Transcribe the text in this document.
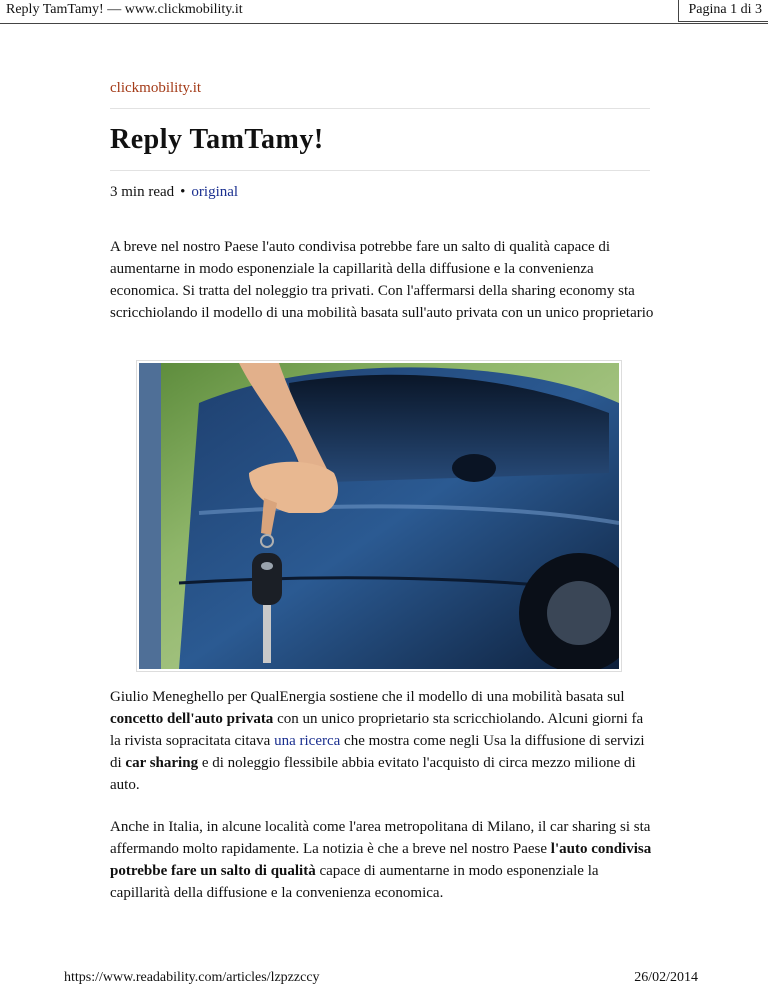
Reply TamTamy! — www.clickmobility.it	Pagina 1 di 3
clickmobility.it
Reply TamTamy!
3 min read • original

A breve nel nostro Paese l'auto condivisa potrebbe fare un salto di qualità capace di aumentarne in modo esponenziale la capillarità della diffusione e la convenienza economica. Si tratta del noleggio tra privati. Con l'affermarsi della sharing economy sta scricchiolando il modello di una mobilità basata sull'auto privata con un unico proprietario

Giulio Meneghello per QualEnergia sostiene che il modello di una mobilità basata sul concetto dell'auto privata con un unico proprietario sta scricchiolando. Alcuni giorni fa la rivista sopracitata citava una ricerca che mostra come negli Usa la diffusione di servizi di car sharing e di noleggio flessibile abbia evitato l'acquisto di circa mezzo milione di auto.

Anche in Italia, in alcune località come l'area metropolitana di Milano, il car sharing si sta affermando molto rapidamente. La notizia è che a breve nel nostro Paese l'auto condivisa potrebbe fare un salto di qualità capace di aumentarne in modo esponenziale la capillarità della diffusione e la convenienza economica.

https://www.readability.com/articles/lzpzzccy	26/02/2014
